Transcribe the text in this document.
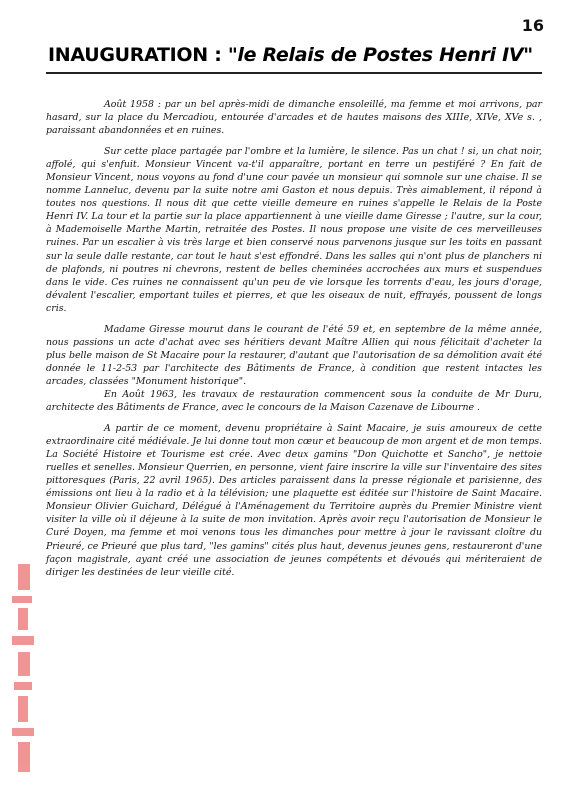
16
INAUGURATION : "le Relais de Postes Henri IV"

Août 1958 : par un bel après-midi de dimanche ensoleillé, ma femme et moi arrivons, par hasard, sur la place du Mercadiou, entourée d'arcades et de hautes maisons des XIIIe, XIVe, XVe s. , paraissant abandonnées et en ruines.

Sur cette place partagée par l'ombre et la lumière, le silence. Pas un chat ! si, un chat noir, affolé, qui s'enfuit. Monsieur Vincent va-t'il apparaître, portant en terre un pestiféré ? En fait de Monsieur Vincent, nous voyons au fond d'une cour pavée un monsieur qui somnole sur une chaise. Il se nomme Lanneluc, devenu par la suite notre ami Gaston et nous depuis. Très aimablement, il répond à toutes nos questions. Il nous dit que cette vieille demeure en ruines s'appelle le Relais de la Poste Henri IV. La tour et la partie sur la place appartiennent à une vieille dame Giresse ; l'autre, sur la cour, à Mademoiselle Marthe Martin, retraitée des Postes. Il nous propose une visite de ces merveilleuses ruines. Par un escalier à vis très large et bien conservé nous parvenons jusque sur les toits en passant sur la seule dalle restante, car tout le haut s'est effondré. Dans les salles qui n'ont plus de planchers ni de plafonds, ni poutres ni chevrons, restent de belles cheminées accrochées aux murs et suspendues dans le vide. Ces ruines ne connaissent qu'un peu de vie lorsque les torrents d'eau, les jours d'orage, dévalent l'escalier, emportant tuiles et pierres, et que les oiseaux de nuit, effrayés, poussent de longs cris.

Madame Giresse mourut dans le courant de l'été 59 et, en septembre de la même année, nous passions un acte d'achat avec ses héritiers devant Maître Allien qui nous félicitait d'acheter la plus belle maison de St Macaire pour la restaurer, d'autant que l'autorisation de sa démolition avait été donnée le 11-2-53 par l'architecte des Bâtiments de France, à condition que restent intactes les arcades, classées "Monument historique".

En Août 1963, les travaux de restauration commencent sous la conduite de Mr Duru, architecte des Bâtiments de France, avec le concours de la Maison Cazenave de Libourne .

A partir de ce moment, devenu propriétaire à Saint Macaire, je suis amoureux de cette extraordinaire cité médiévale. Je lui donne tout mon cœur et beaucoup de mon argent et de mon temps. La Société Histoire et Tourisme est crée. Avec deux gamins "Don Quichotte et Sancho", je nettoie ruelles et senelles. Monsieur Querrien, en personne, vient faire inscrire la ville sur l'inventaire des sites pittoresques (Paris, 22 avril 1965). Des articles paraissent dans la presse régionale et parisienne, des émissions ont lieu à la radio et à la télévision; une plaquette est éditée sur l'histoire de Saint Macaire. Monsieur Olivier Guichard, Délégué à l'Aménagement du Territoire auprès du Premier Ministre vient visiter la ville où il déjeune à la suite de mon invitation. Après avoir reçu l'autorisation de Monsieur le Curé Doyen, ma femme et moi venons tous les dimanches pour mettre à jour le ravissant cloître du Prieuré, ce Prieuré que plus tard, "les gamins" cités plus haut, devenus jeunes gens, restaureront d'une façon magistrale, ayant créé une association de jeunes compétents et dévoués qui mériteraient de diriger les destinées de leur vieille cité.
